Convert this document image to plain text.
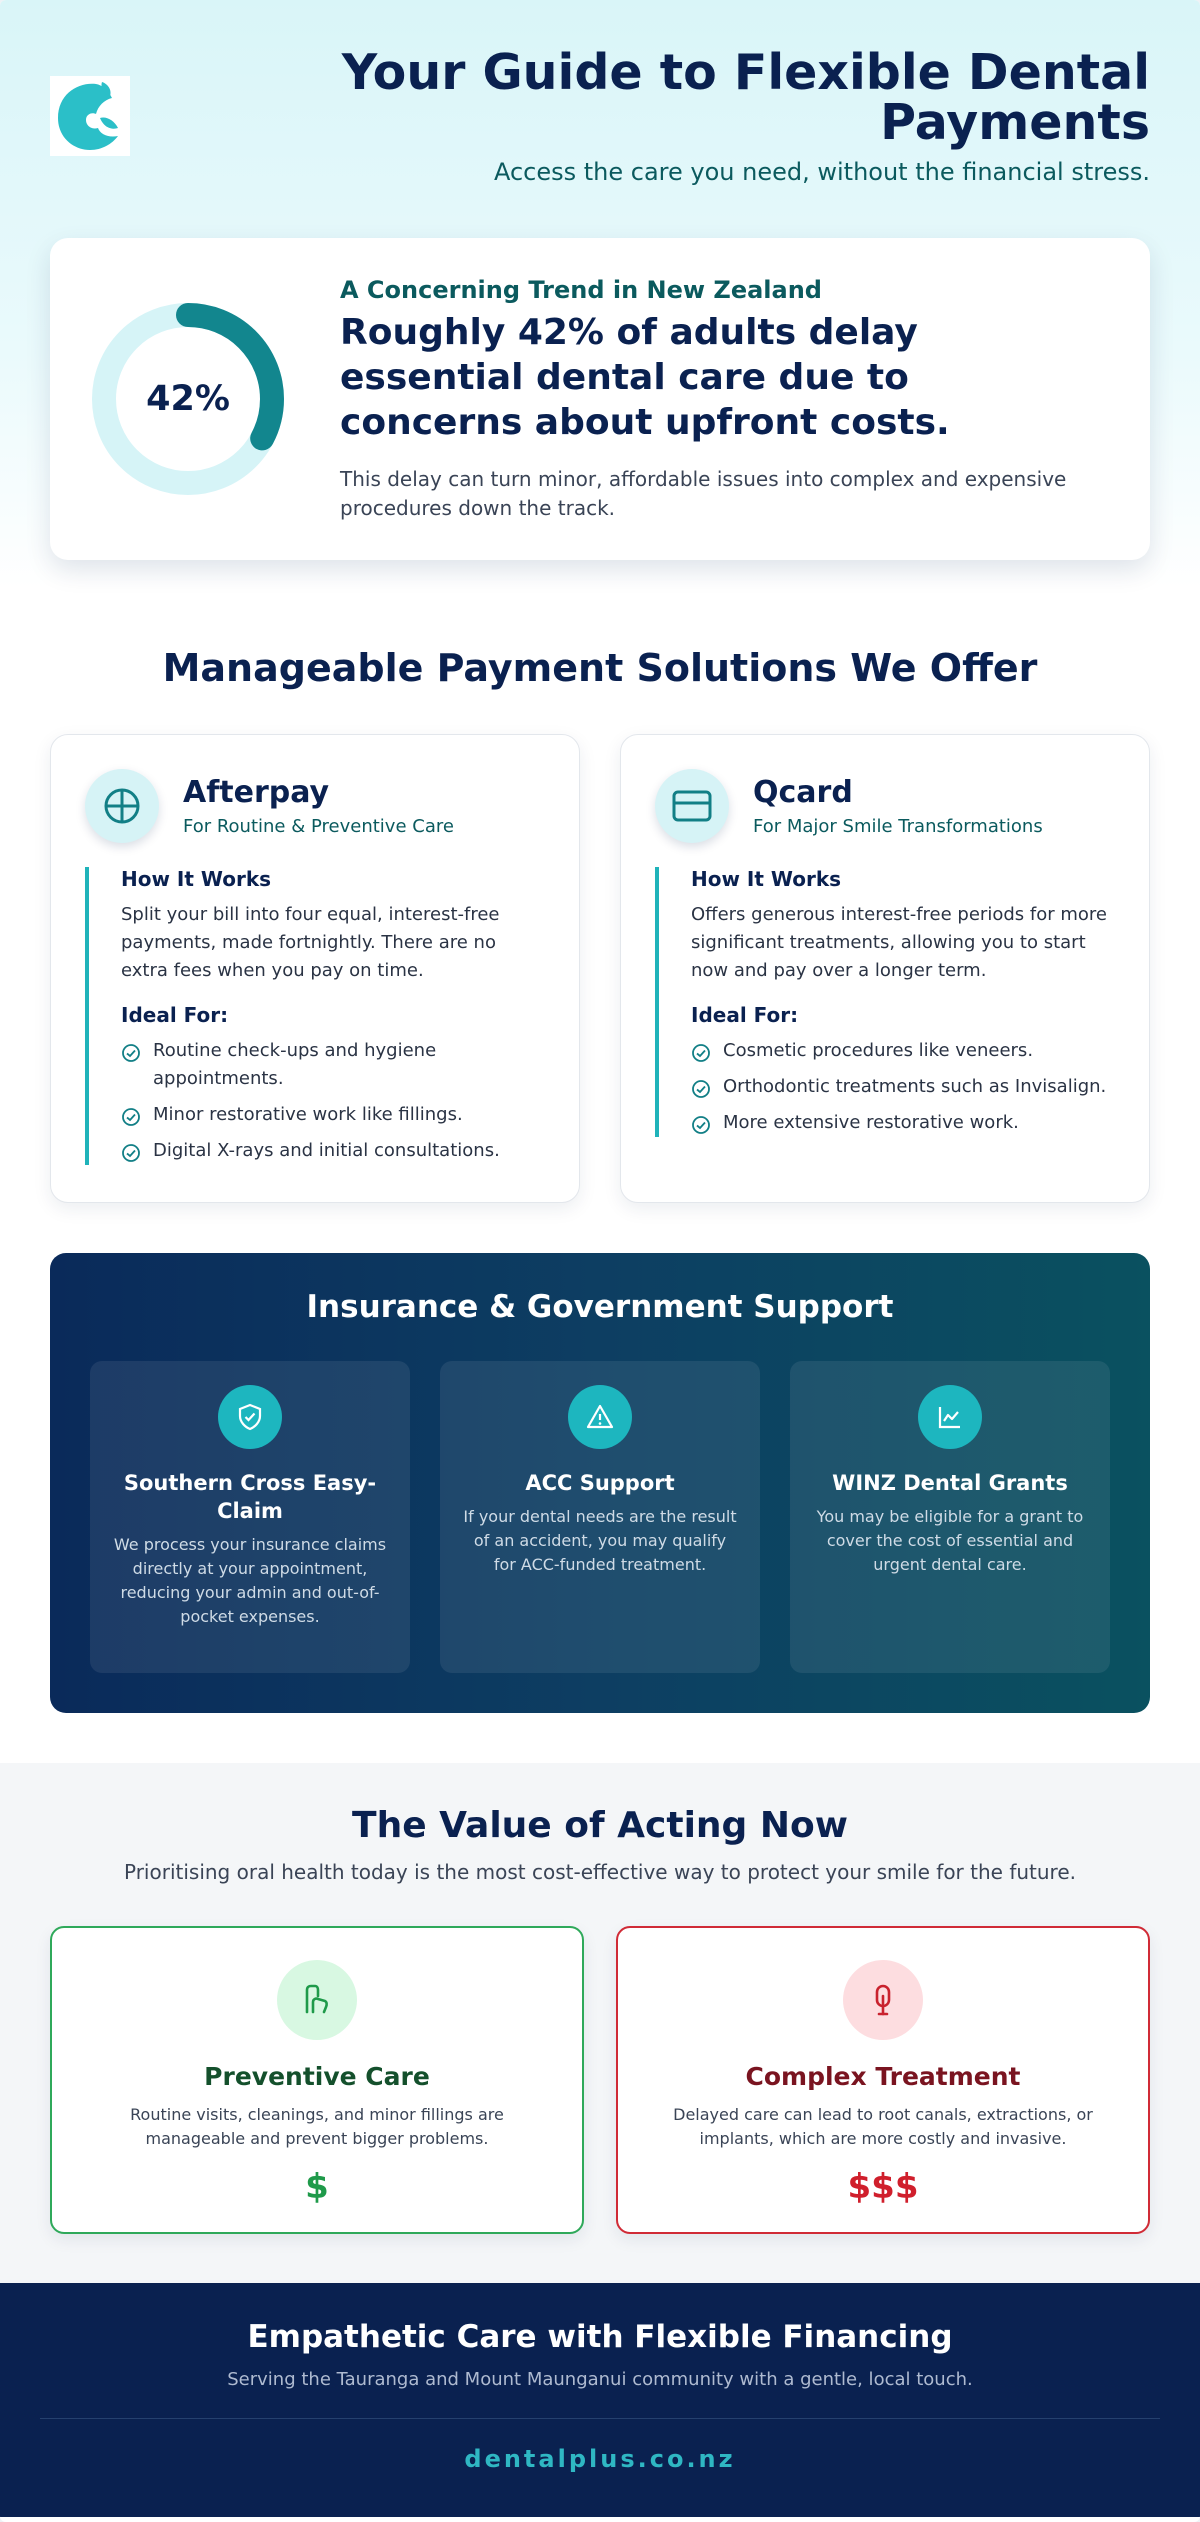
Your Guide to Flexible Dental Payments

Access the care you need, without the financial stress.

42%

A Concerning Trend in New Zealand

Roughly 42% of adults delay essential dental care due to concerns about upfront costs.

This delay can turn minor, affordable issues into complex and expensive procedures down the track.

Manageable Payment Solutions We Offer

Afterpay

For Routine & Preventive Care

How It Works

Split your bill into four equal, interest-free payments, made fortnightly. There are no extra fees when you pay on time.

Ideal For:

Routine check-ups and hygiene appointments.
Minor restorative work like fillings.
Digital X-rays and initial consultations.

Qcard

For Major Smile Transformations

How It Works

Offers generous interest-free periods for more significant treatments, allowing you to start now and pay over a longer term.

Ideal For:

Cosmetic procedures like veneers.
Orthodontic treatments such as Invisalign.
More extensive restorative work.
Insurance & Government Support

Southern Cross Easy-Claim

We process your insurance claims directly at your appointment, reducing your admin and out-of-pocket expenses.

ACC Support

If your dental needs are the result of an accident, you may qualify for ACC-funded treatment.

WINZ Dental Grants

You may be eligible for a grant to cover the cost of essential and urgent dental care.

The Value of Acting Now

Prioritising oral health today is the most cost-effective way to protect your smile for the future.

Preventive Care

Routine visits, cleanings, and minor fillings are manageable and prevent bigger problems.

$

Complex Treatment

Delayed care can lead to root canals, extractions, or implants, which are more costly and invasive.

$$$

Empathetic Care with Flexible Financing

Serving the Tauranga and Mount Maunganui community with a gentle, local touch.

dentalplus.co.nz
